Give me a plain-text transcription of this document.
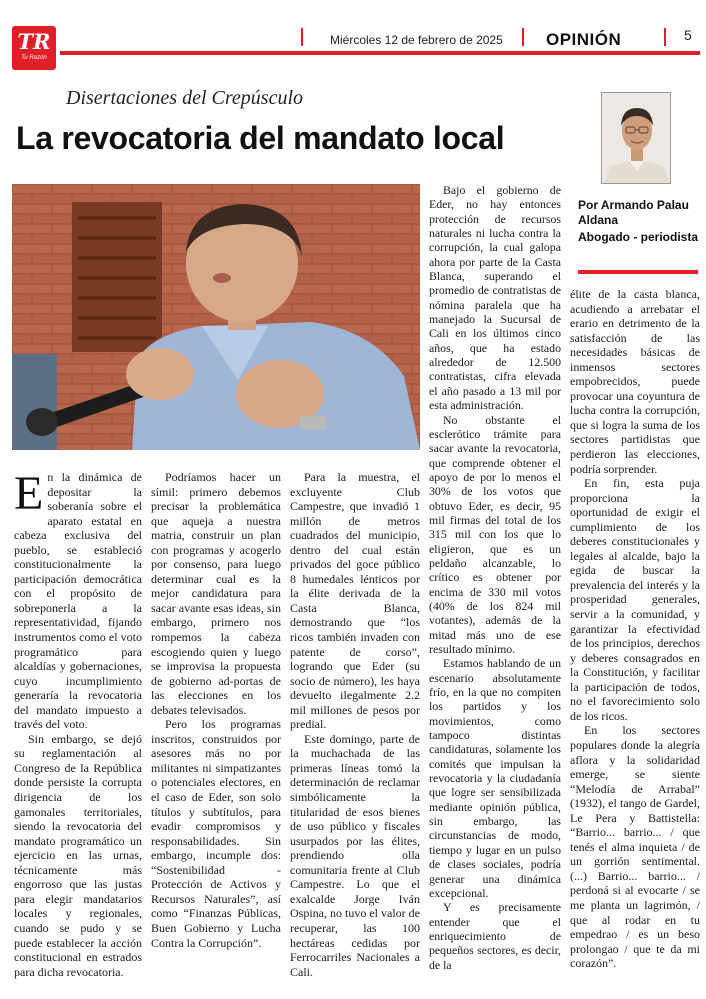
TR
Tu Razón
Miércoles 12 de febrero de 2025	OPINIÓN	5
Disertaciones del Crepúsculo
La revocatoria del mandato local
Por Armando Palau Aldana
Abogado - periodista

En la dinámica de depositar la soberanía sobre el aparato estatal en cabeza exclusiva del pueblo, se estableció constitucionalmente la participación democrática con el propósito de sobreponerla a la representatividad, fijando instrumentos como el voto programático para alcaldías y gobernaciones, cuyo incumplimiento generaría la revocatoria del mandato impuesto a través del voto.

Sin embargo, se dejó su reglamentación al Congreso de la República donde persiste la corrupta dirigencia de los gamonales territoriales, siendo la revocatoria del mandato programático un ejercicio en las urnas, técnicamente más engorroso que las justas para elegir mandatarios locales y regionales, cuando se pudo y se puede establecer la acción constitucional en estrados para dicha revocatoria.

Podríamos hacer un símil: primero debemos precisar la problemática que aqueja a nuestra matria, construir un plan con programas y acogerlo por consenso, para luego determinar cual es la mejor candidatura para sacar avante esas ideas, sin embargo, primero nos rompemos la cabeza escogiendo quien y luego se improvisa la propuesta de gobierno ad-portas de las elecciones en los debates televisados.

Pero los programas inscritos, construidos por asesores más no por militantes ni simpatizantes o potenciales electores, en el caso de Eder, son solo títulos y subtítulos, para evadir compromisos y responsabilidades. Sin embargo, incumple dos: “Sostenibilidad - Protección de Activos y Recursos Naturales”, así como “Finanzas Públicas, Buen Gobierno y Lucha Contra la Corrupción”.

Para la muestra, el excluyente Club Campestre, que invadió 1 millón de metros cuadrados del municipio, dentro del cual están privados del goce público 8 humedales lénticos por la élite derivada de la Casta Blanca, demostrando que “los ricos también invaden con patente de corso”, logrando que Eder (su socio de número), les haya devuelto ilegalmente 2.2 mil millones de pesos por predial.

Este domingo, parte de la muchachada de las primeras líneas tomó la determinación de reclamar simbólicamente la titularidad de esos bienes de uso público y fiscales usurpados por las élites, prendiendo olla comunitaria frente al Club Campestre. Lo que el exalcalde Jorge Iván Ospina, no tuvo el valor de recuperar, las 100 hectáreas cedidas por Ferrocarriles Nacionales a Cali.

Bajo el gobierno de Eder, no hay entonces protección de recursos naturales ni lucha contra la corrupción, la cual galopa ahora por parte de la Casta Blanca, superando el promedio de contratistas de nómina paralela que ha manejado la Sucursal de Cali en los últimos cinco años, que ha estado alrededor de 12.500 contratistas, cifra elevada el año pasado a 13 mil por esta administración.

No obstante el esclerótico trámite para sacar avante la revocatoria, que comprende obtener el apoyo de por lo menos el 30% de los votos que obtuvo Eder, es decir, 95 mil firmas del total de los 315 mil con los que lo eligieron, que es un peldaño alcanzable, lo crítico es obtener por encima de 330 mil votos (40% de los 824 mil votantes), además de la mitad más uno de ese resultado mínimo.

Estamos hablando de un escenario absolutamente frío, en la que no compiten los partidos y los movimientos, como tampoco distintas candidaturas, solamente los comités que impulsan la revocatoria y la ciudadanía que logre ser sensibilizada mediante opinión pública, sin embargo, las circunstancias de modo, tiempo y lugar en un pulso de clases sociales, podría generar una dinámica excepcional.

Y es precisamente entender que el enriquecimiento de pequeños sectores, es decir, de la

élite de la casta blanca, acudiendo a arrebatar el erario en detrimento de la satisfacción de las necesidades básicas de inmensos sectores empobrecidos, puede provocar una coyuntura de lucha contra la corrupción, que si logra la suma de los sectores partidistas que perdieron las elecciones, podría sorprender.

En fin, esta puja proporciona la oportunidad de exigir el cumplimiento de los deberes constitucionales y legales al alcalde, bajo la egida de buscar la prevalencia del interés y la prosperidad generales, servir a la comunidad, y garantizar la efectividad de los principios, derechos y deberes consagrados en la Constitución, y facilitar la participación de todos, no el favorecimiento solo de los ricos.

En los sectores populares donde la alegría aflora y la solidaridad emerge, se siente “Melodía de Arrabal” (1932), el tango de Gardel, Le Pera y Battistella: “Barrio... barrio... / que tenés el alma inquieta / de un gorrión sentimental. (...) Barrio... barrio... / perdoná si al evocarte / se me planta un lagrimón, / que al rodar en tu empedrao / es un beso prolongao / que te da mi corazón”.
